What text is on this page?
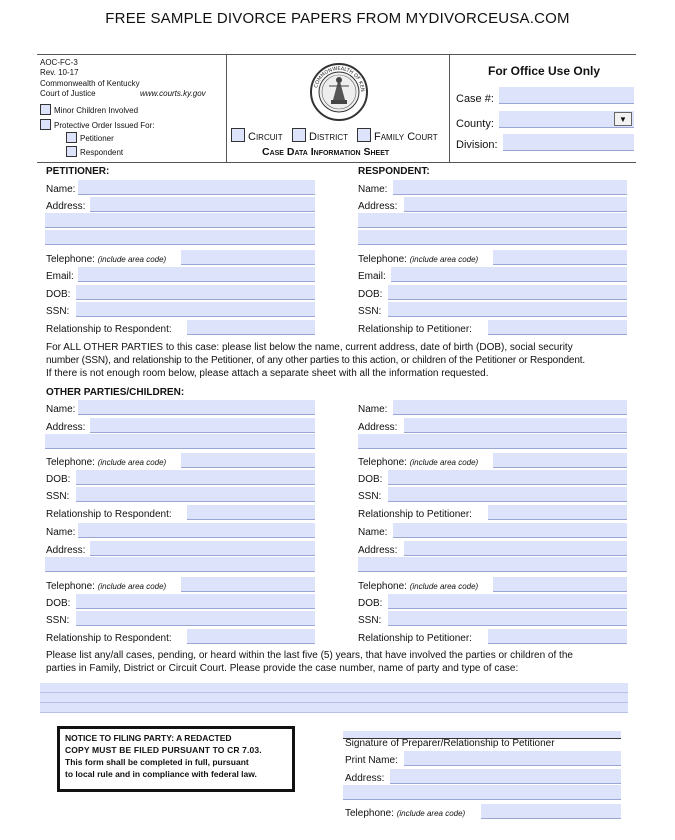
FREE SAMPLE DIVORCE PAPERS FROM MYDIVORCEUSA.COM
AOC-FC-3
Rev. 10-17
Commonwealth of Kentucky
Court of Justice	www.courts.ky.gov
Minor Children Involved
Protective Order Issued For:
Petitioner
Respondent
COMMONWEALTH OF KEN
Circuit District Family Court
Case Data Information Sheet
For Office Use Only
Case #:
County:	▼
Division:
PETITIONER:
Name:
Address:
Telephone: (include area code)
Email:
DOB:
SSN:
Relationship to Respondent:
RESPONDENT:
Name:
Address:
Telephone: (include area code)
Email:
DOB:
SSN:
Relationship to Petitioner:
For ALL OTHER PARTIES to this case: please list below the name, current address, date of birth (DOB), social security
number (SSN), and relationship to the Petitioner, of any other parties to this action, or children of the Petitioner or Respondent.
If there is not enough room below, please attach a separate sheet with all the information requested.
OTHER PARTIES/CHILDREN:
Name:
Address:
Telephone: (include area code)
DOB:
SSN:
Relationship to Respondent:
Name:
Address:
Telephone: (include area code)
DOB:
SSN:
Relationship to Petitioner:
Name:
Address:
Telephone: (include area code)
DOB:
SSN:
Relationship to Respondent:
Name:
Address:
Telephone: (include area code)
DOB:
SSN:
Relationship to Petitioner:
Please list any/all cases, pending, or heard within the last five (5) years, that have involved the parties or children of the
parties in Family, District or Circuit Court. Please provide the case number, name of party and type of case:
NOTICE TO FILING PARTY: A REDACTED
COPY MUST BE FILED PURSUANT TO CR 7.03.
This form shall be completed in full, pursuant
to local rule and in compliance with federal law.
Signature of Preparer/Relationship to Petitioner
Print Name:
Address:
Telephone: (include area code)
